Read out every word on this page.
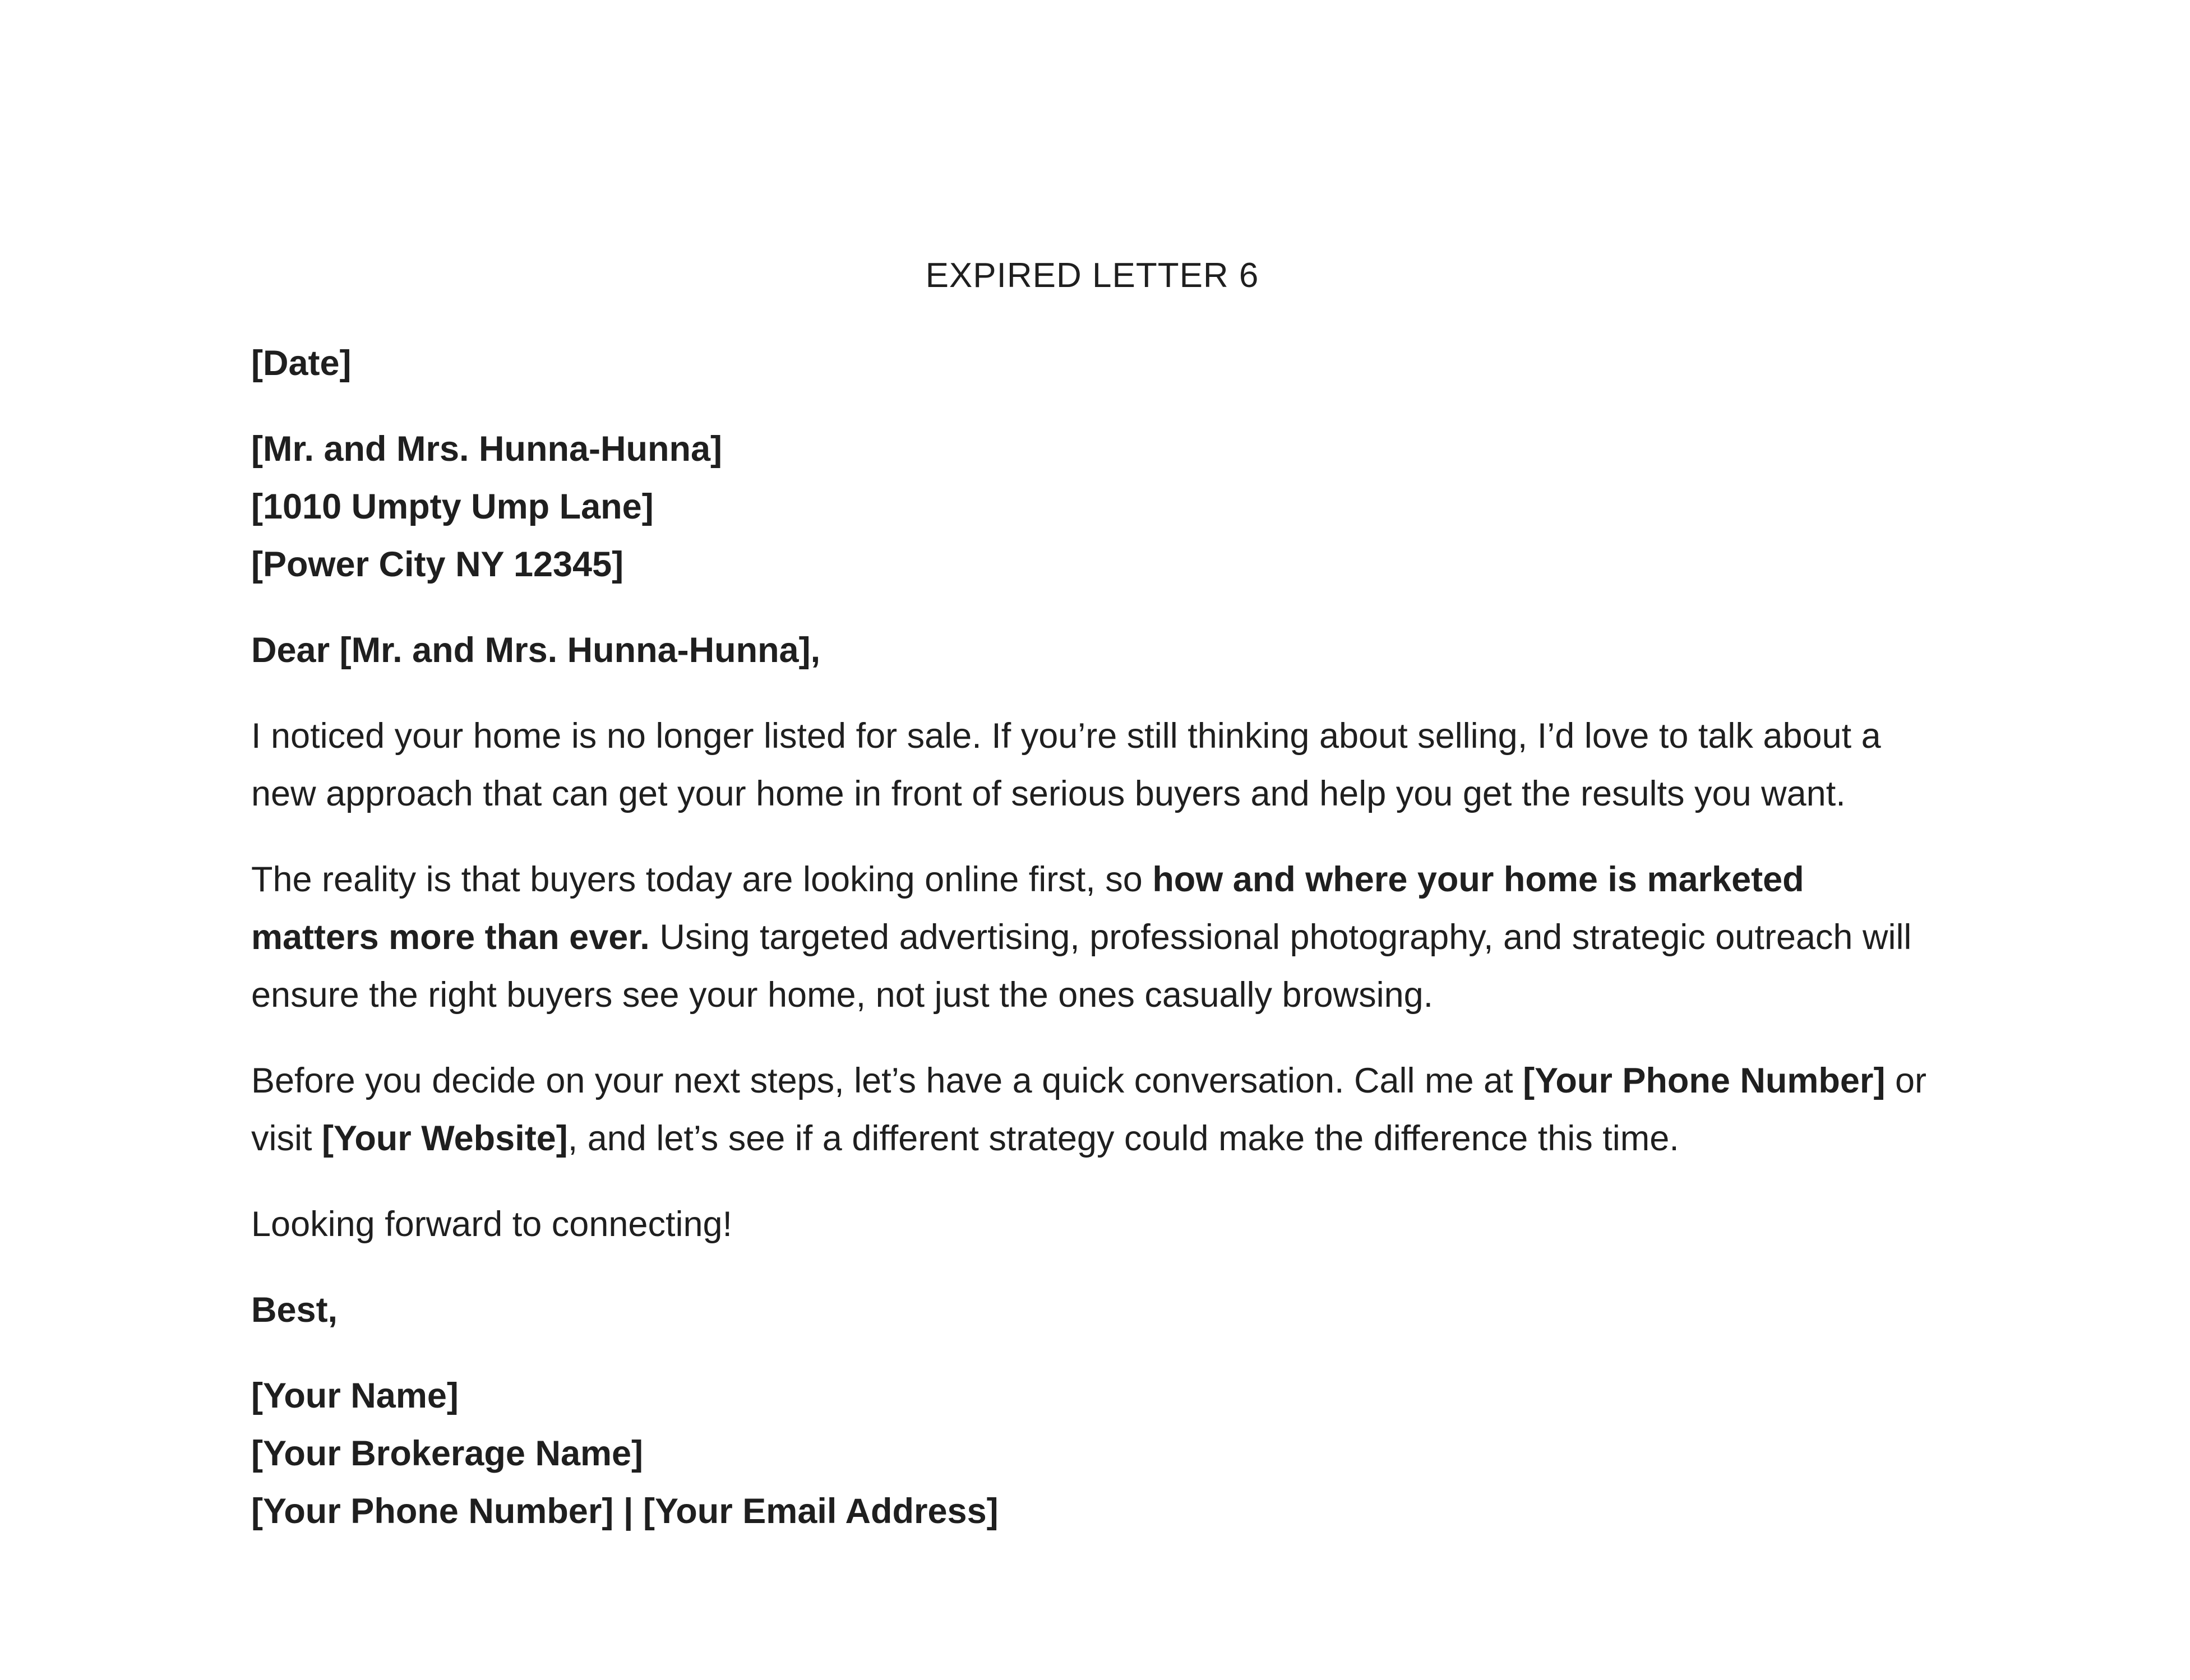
EXPIRED LETTER 6
[Date]
[Mr. and Mrs. Hunna-Hunna]
[1010 Umpty Ump Lane]
[Power City NY 12345]
Dear [Mr. and Mrs. Hunna-Hunna],

I noticed your home is no longer listed for sale. If you’re still thinking about selling, I’d love to talk about a new approach that can get your home in front of serious buyers and help you get the results you want.

The reality is that buyers today are looking online first, so how and where your home is marketed matters more than ever. Using targeted advertising, professional photography, and strategic outreach will ensure the right buyers see your home, not just the ones casually browsing.

Before you decide on your next steps, let’s have a quick conversation. Call me at [Your Phone Number] or visit [Your Website], and let’s see if a different strategy could make the difference this time.

Looking forward to connecting!

Best,
[Your Name]
[Your Brokerage Name]
[Your Phone Number] | [Your Email Address]
